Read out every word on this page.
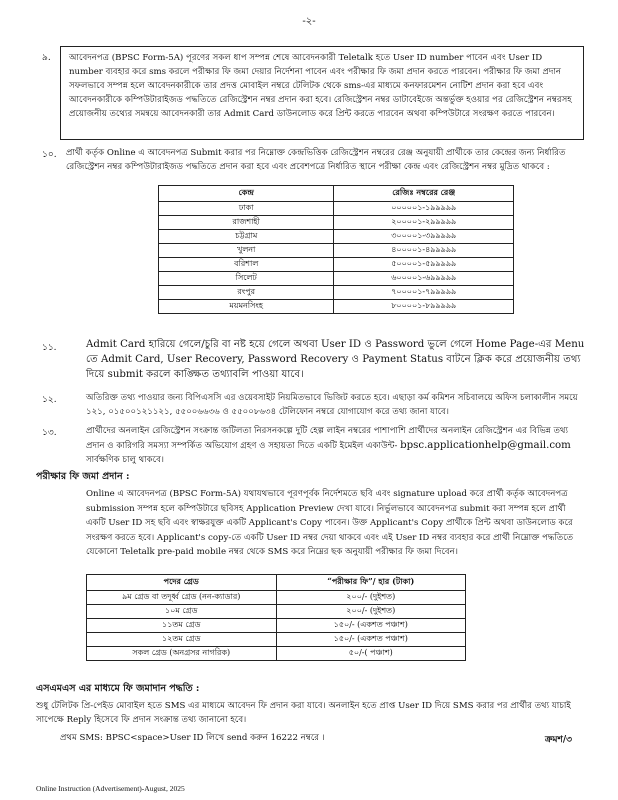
-২-
৯.	আবেদনপত্র (BPSC Form-5A) পূরণের সকল ধাপ সম্পন্ন শেষে আবেদনকারী Teletalk হতে User ID number পাবেন এবং User ID number ব্যবহার করে sms করলে পরীক্ষার ফি জমা দেয়ার নির্দেশনা পাবেন এবং পরীক্ষার ফি জমা প্রদান করতে পারবেন। পরীক্ষার ফি জমা প্রদান সফলভাবে সম্পন্ন হলে আবেদনকারীকে তার প্রদত্ত মোবাইল নম্বরে টেলিটক থেকে sms-এর মাধ্যমে কনফারমেশন নোটিশ প্রদান করা হবে এবং আবেদনকারীকে কম্পিউটারাইজড পদ্ধতিতে রেজিস্ট্রেশন নম্বর প্রদান করা হবে। রেজিস্ট্রেশন নম্বর ডাটাবেইজে অন্তর্ভুক্ত হওয়ার পর রেজিস্ট্রেশন নম্বরসহ প্রয়োজনীয় তথ্যের সমন্বয়ে আবেদনকারী তার Admit Card ডাউনলোড করে প্রিন্ট করতে পারবেন অথবা কম্পিউটারে সংরক্ষণ করতে পারবেন।
১০. প্রার্থী কর্তৃক Online এ আবেদনপত্র Submit করার পর নিম্নোক্ত কেন্দ্রভিত্তিক রেজিস্ট্রেশন নম্বরের রেঞ্জ অনুযায়ী প্রার্থীকে তার কেন্দ্রের জন্য নির্ধারিত রেজিস্ট্রেশন নম্বর কম্পিউটারাইজড পদ্ধতিতে প্রদান করা হবে এবং প্রবেশপত্রে নির্ধারিত স্থানে পরীক্ষা কেন্দ্র এবং রেজিস্ট্রেশন নম্বর মুদ্রিত থাকবে :
কেন্দ্র	রেজিঃ নম্বরের রেঞ্জ
ঢাকা	০০০০০১-১৯৯৯৯৯
রাজশাহী	২০০০০১-২৯৯৯৯৯
চট্টগ্রাম	৩০০০০১-৩৯৯৯৯৯
খুলনা	৪০০০০১-৪৯৯৯৯৯
বরিশাল	৫০০০০১-৫৯৯৯৯৯
সিলেট	৬০০০০১-৬৯৯৯৯৯
রংপুর	৭০০০০১-৭৯৯৯৯৯
ময়মনসিংহ	৮০০০০১-৮৯৯৯৯৯
১১.	Admit Card হারিয়ে গেলে/চুরি বা নষ্ট হয়ে গেলে অথবা User ID ও Password ভুলে গেলে Home Page-এর Menu তে Admit Card, User Recovery, Password Recovery ও Payment Status বাটনে ক্লিক করে প্রয়োজনীয় তথ্য দিয়ে submit করলে কাঙ্ক্ষিত তথ্যাবলি পাওয়া যাবে।
১২.	অতিরিক্ত তথ্য পাওয়ার জন্য বিপিএসসি এর ওয়েবসাইট নিয়মিতভাবে ভিজিট করতে হবে। এছাড়া কর্ম কমিশন সচিবালয়ে অফিস চলাকালীন সময়ে ১২১, ০১৫০০১২১১২১, ৫৫০০৬৬৩৬ ও ৫৫০০৮৬৩৪ টেলিফোন নম্বরে যোগাযোগ করে তথ্য জানা যাবে।
১৩.	প্রার্থীদের অনলাইন রেজিস্ট্রেশন সংক্রান্ত জটিলতা নিরসনকল্পে দুটি হেল্প লাইন নম্বরের পাশাপাশি প্রার্থীদের অনলাইন রেজিস্ট্রেশন এর বিভিন্ন তথ্য প্রদান ও কারিগরি সমস্যা সম্পর্কিত অভিযোগ গ্রহণ ও সহায়তা দিতে একটি ইমেইল একাউন্ট- bpsc.applicationhelp@gmail.com সার্বক্ষণিক চালু থাকবে।
পরীক্ষার ফি জমা প্রদান :
Online এ আবেদনপত্র (BPSC Form-5A) যথাযথভাবে পূরণপূর্বক নির্দেশমতে ছবি এবং signature upload করে প্রার্থী কর্তৃক আবেদনপত্র submission সম্পন্ন হলে কম্পিউটারে ছবিসহ Application Preview দেখা যাবে। নির্ভুলভাবে আবেদনপত্র submit করা সম্পন্ন হলে প্রার্থী একটি User ID সহ ছবি এবং স্বাক্ষরযুক্ত একটি Applicant's Copy পাবেন। উক্ত Applicant's Copy প্রার্থীকে প্রিন্ট অথবা ডাউনলোড করে সংরক্ষণ করতে হবে। Applicant's copy-তে একটি User ID নম্বর দেয়া থাকবে এবং এই User ID নম্বর ব্যবহার করে প্রার্থী নিম্নোক্ত পদ্ধতিতে যেকোনো Teletalk pre-paid mobile নম্বর থেকে SMS করে নিম্নের ছক অনুযায়ী পরীক্ষার ফি জমা দিবেন।
পদের গ্রেড	“পরীক্ষার ফি”/ হার (টাকা)
৯ম গ্রেড বা তদূর্ধ্ব গ্রেড (নন-ক্যাডার)	২০০/- (দুইশত)
১০ম গ্রেড	২০০/- (দুইশত)
১১তম গ্রেড	১৫০/- (একশত পঞ্চাশ)
১২তম গ্রেড	১৫০/- (একশত পঞ্চাশ)
সকল গ্রেড (অনগ্রসর নাগরিক)	৫০/-( পঞ্চাশ)
এসএমএস এর মাধ্যমে ফি জমাদান পদ্ধতি :
শুধু টেলিটক প্রি-পেইড মোবাইল হতে SMS এর মাধ্যমে আবেদন ফি প্রদান করা যাবে। অনলাইন হতে প্রাপ্ত User ID দিয়ে SMS করার পর প্রার্থীর তথ্য যাচাই সাপেক্ষে Reply হিসেবে ফি প্রদান সংক্রান্ত তথ্য জানানো হবে।
প্রথম SMS: BPSC<space>User ID লিখে send করুন 16222 নম্বরে ।	ক্রমশ/৩
Online Instruction (Advertisement)-August, 2025
